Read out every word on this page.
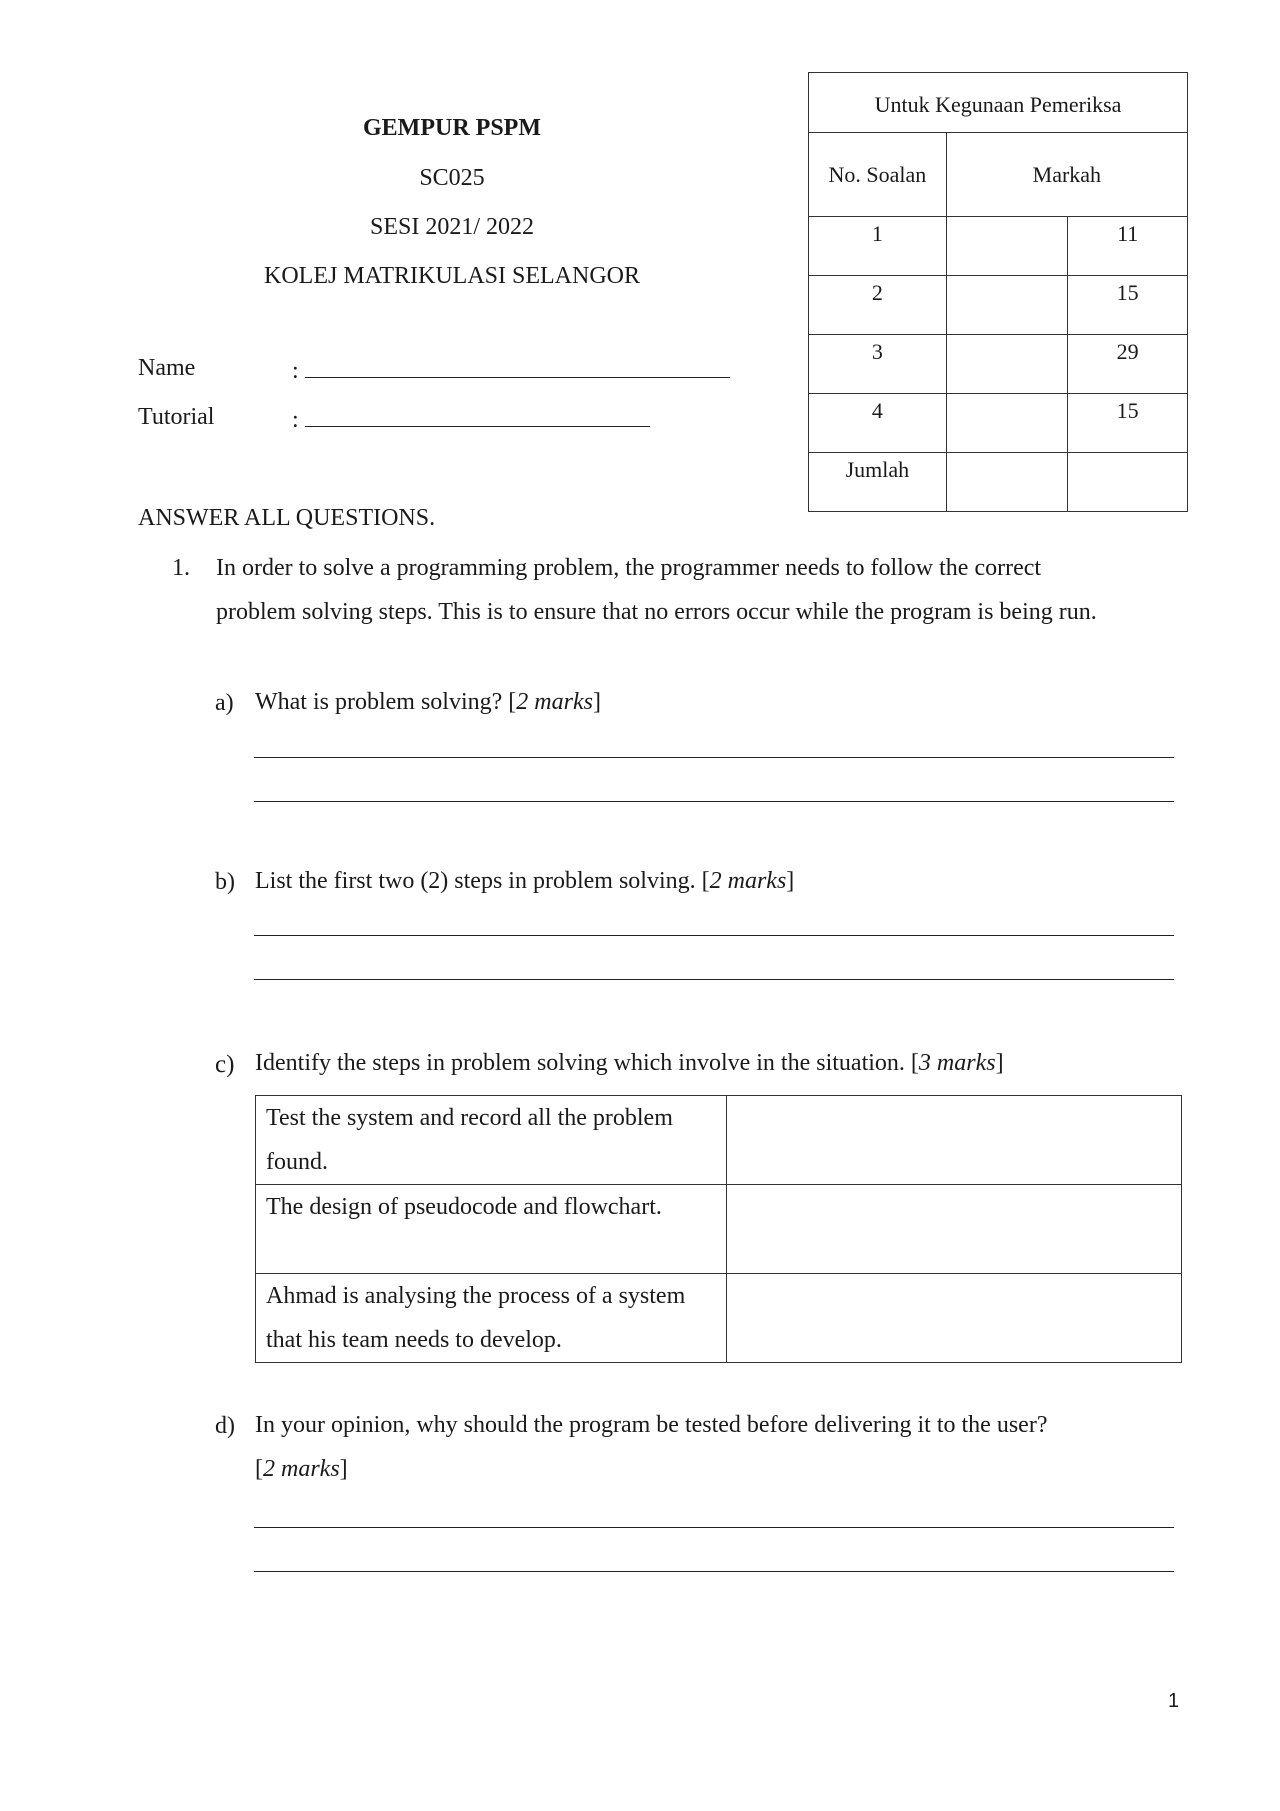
GEMPUR PSPM
SC025
SESI 2021/ 2022
KOLEJ MATRIKULASI SELANGOR
Name	:
Tutorial	:
Untuk Kegunaan Pemeriksa		
No. Soalan	Markah	
1		11
2		15
3		29
4		15
Jumlah		
ANSWER ALL QUESTIONS.
1. In order to solve a programming problem, the programmer needs to follow the correct
problem solving steps. This is to ensure that no errors occur while the program is being run.
a) What is problem solving? [2 marks]
b) List the first two (2) steps in problem solving. [2 marks]
c) Identify the steps in problem solving which involve in the situation. [3 marks]
Test the system and record all the problem found.	
The design of pseudocode and flowchart.	
Ahmad is analysing the process of a system that his team needs to develop.	
d) In your opinion, why should the program be tested before delivering it to the user?
[2 marks]
1
